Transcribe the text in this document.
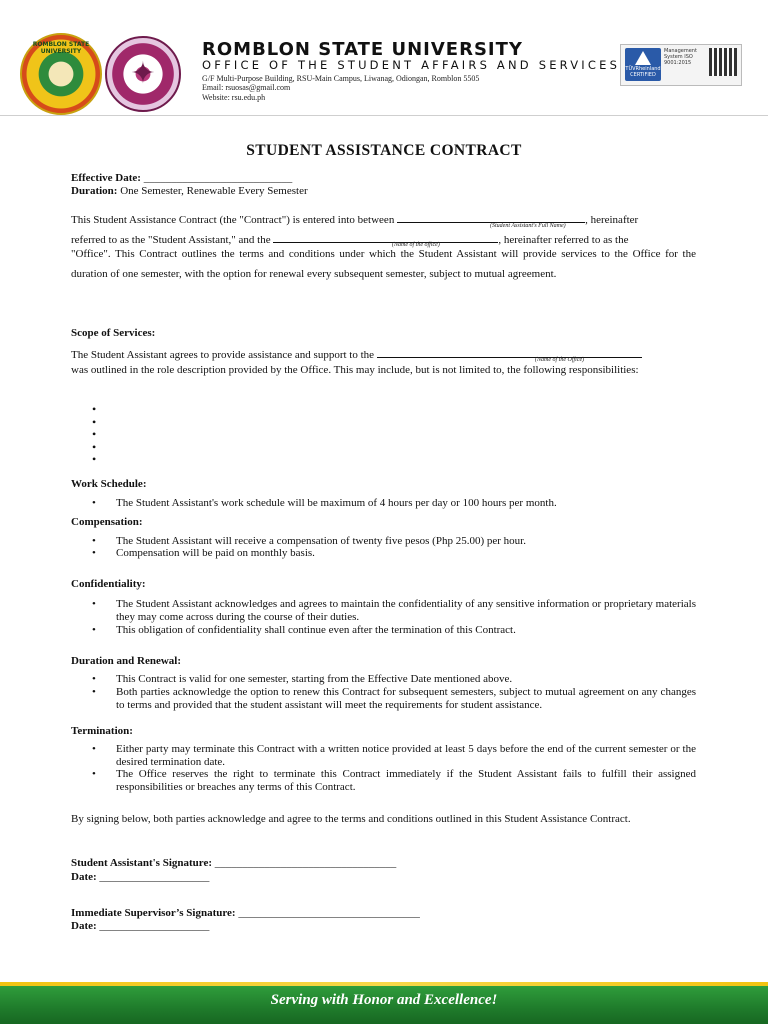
ROMBLON STATE UNIVERSITY
✦
ROMBLON STATE UNIVERSITY
OFFICE OF THE STUDENT AFFAIRS AND SERVICES
G/F Multi-Purpose Building, RSU-Main Campus, Liwanag, Odiongan, Romblon 5505
Email: rsuosas@gmail.com
Website: rsu.edu.ph
TÜVRheinland CERTIFIED
Management System ISO 9001:2015
STUDENT ASSISTANCE CONTRACT
Effective Date: ___________________________
Duration: One Semester, Renewable Every Semester
This Student Assistance Contract (the "Contract") is entered into between	, hereinafter
(Student Assistant's Full Name)
referred to as the "Student Assistant," and the	, hereinafter referred to as the
(Name of the office)
"Office". This Contract outlines the terms and conditions under which the Student Assistant will provide services to the Office for the duration of one semester, with the option for renewal every subsequent semester, subject to mutual agreement.
Scope of Services:
The Student Assistant agrees to provide assistance and support to the	(Name of the Office)
was outlined in the role description provided by the Office. This may include, but is not limited to, the following responsibilities:
•
•
•
•
•
Work Schedule:
• The Student Assistant's work schedule will be maximum of 4 hours per day or 100 hours per month.
Compensation:
• The Student Assistant will receive a compensation of twenty five pesos (Php 25.00) per hour.
• Compensation will be paid on monthly basis.
Confidentiality:
• The Student Assistant acknowledges and agrees to maintain the confidentiality of any sensitive information or proprietary materials they may come across during the course of their duties.
• This obligation of confidentiality shall continue even after the termination of this Contract.
Duration and Renewal:
• This Contract is valid for one semester, starting from the Effective Date mentioned above.
• Both parties acknowledge the option to renew this Contract for subsequent semesters, subject to mutual agreement on any changes to terms and provided that the student assistant will meet the requirements for student assistance.
Termination:
• Either party may terminate this Contract with a written notice provided at least 5 days before the end of the current semester or the desired termination date.
• The Office reserves the right to terminate this Contract immediately if the Student Assistant fails to fulfill their assigned responsibilities or breaches any terms of this Contract.
By signing below, both parties acknowledge and agree to the terms and conditions outlined in this Student Assistance Contract.
Student Assistant's Signature: _________________________________
Date: ____________________
Immediate Supervisor’s Signature: _________________________________
Date: ____________________
Serving with Honor and Excellence!
